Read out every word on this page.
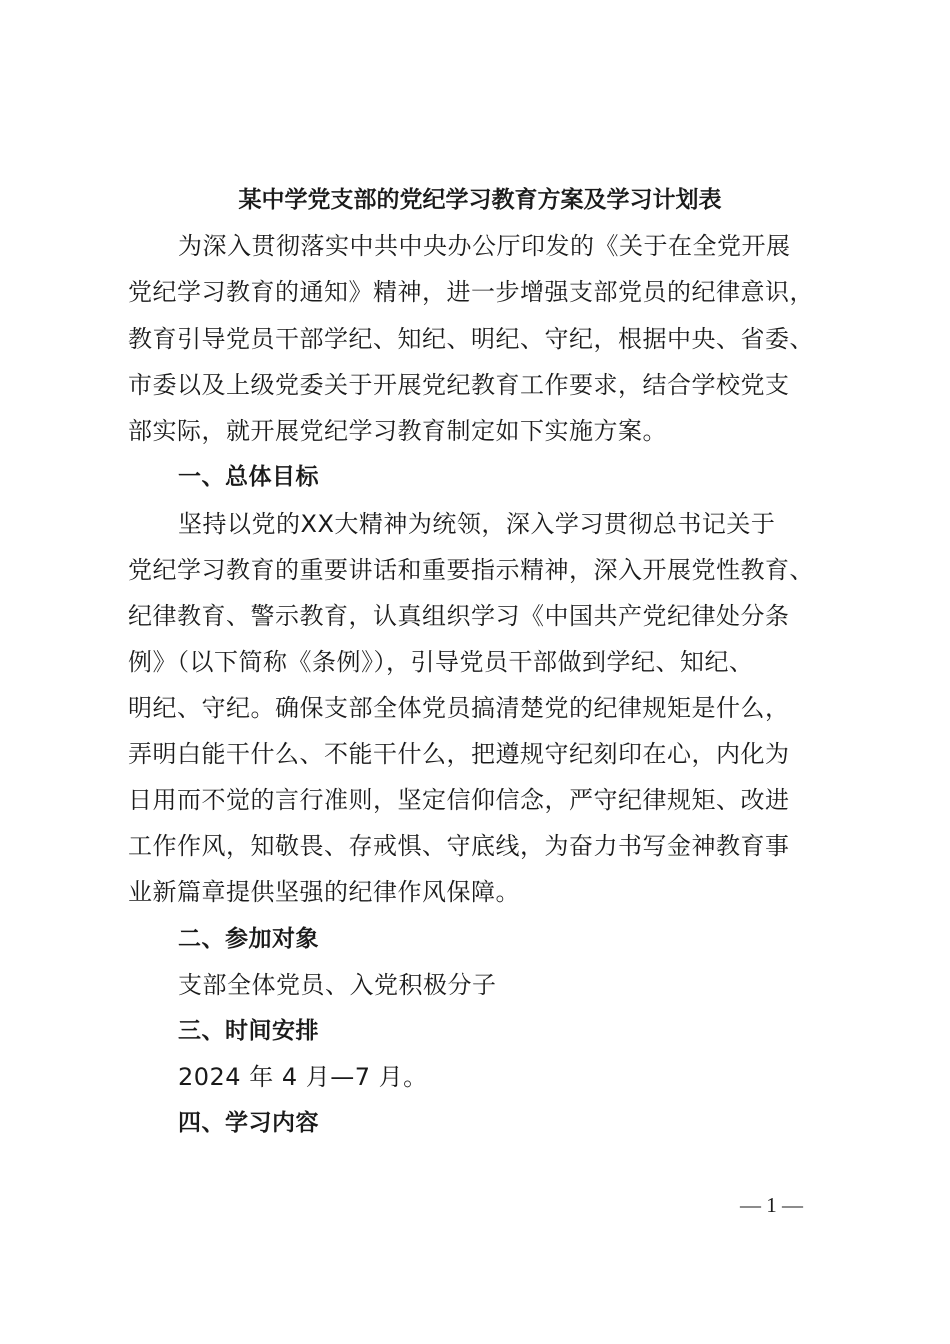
某中学党支部的党纪学习教育方案及学习计划表
为深入贯彻落实中共中央办公厅印发的《关于在全党开展
党纪学习教育的通知》精神，进一步增强支部党员的纪律意识，
教育引导党员干部学纪、知纪、明纪、守纪，根据中央、省委、
市委以及上级党委关于开展党纪教育工作要求，结合学校党支
部实际，就开展党纪学习教育制定如下实施方案。
一、总体目标
坚持以党的XX大精神为统领，深入学习贯彻总书记关于
党纪学习教育的重要讲话和重要指示精神，深入开展党性教育、
纪律教育、警示教育，认真组织学习《中国共产党纪律处分条
例》（以下简称《条例》），引导党员干部做到学纪、知纪、
明纪、守纪。确保支部全体党员搞清楚党的纪律规矩是什么，
弄明白能干什么、不能干什么，把遵规守纪刻印在心，内化为
日用而不觉的言行准则，坚定信仰信念，严守纪律规矩、改进
工作作风，知敬畏、存戒惧、守底线，为奋力书写金神教育事
业新篇章提供坚强的纪律作风保障。
二、参加对象
支部全体党员、入党积极分子
三、时间安排
2024 年 4 月—7 月。
四、学习内容
— 1 —
